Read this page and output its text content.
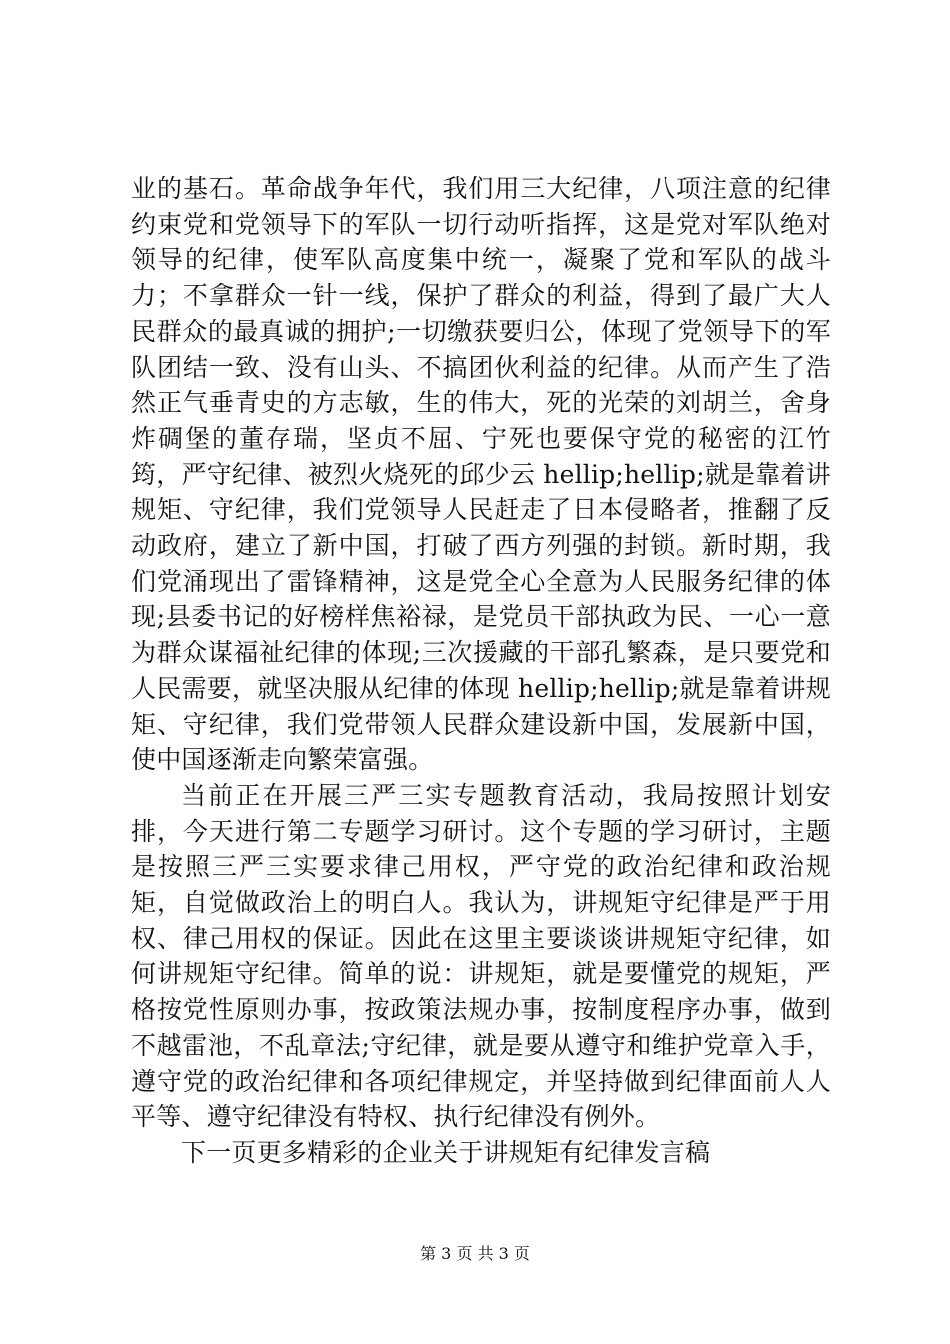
业的基石。革命战争年代，我们用三大纪律，八项注意的纪律约束党和党领导下的军队一切行动听指挥，这是党对军队绝对领导的纪律，使军队高度集中统一，凝聚了党和军队的战斗力；不拿群众一针一线，保护了群众的利益，得到了最广大人民群众的最真诚的拥护;一切缴获要归公，体现了党领导下的军队团结一致、没有山头、不搞团伙利益的纪律。从而产生了浩然正气垂青史的方志敏，生的伟大，死的光荣的刘胡兰，舍身炸碉堡的董存瑞，坚贞不屈、宁死也要保守党的秘密的江竹筠，严守纪律、被烈火烧死的邱少云 hellip;hellip;就是靠着讲规矩、守纪律，我们党领导人民赶走了日本侵略者，推翻了反动政府，建立了新中国，打破了西方列强的封锁。新时期，我们党涌现出了雷锋精神，这是党全心全意为人民服务纪律的体现;县委书记的好榜样焦裕禄，是党员干部执政为民、一心一意为群众谋福祉纪律的体现;三次援藏的干部孔繁森，是只要党和人民需要，就坚决服从纪律的体现 hellip;hellip;就是靠着讲规矩、守纪律，我们党带领人民群众建设新中国，发展新中国，使中国逐渐走向繁荣富强。

当前正在开展三严三实专题教育活动，我局按照计划安排，今天进行第二专题学习研讨。这个专题的学习研讨，主题是按照三严三实要求律己用权，严守党的政治纪律和政治规矩，自觉做政治上的明白人。我认为，讲规矩守纪律是严于用权、律己用权的保证。因此在这里主要谈谈讲规矩守纪律，如何讲规矩守纪律。简单的说：讲规矩，就是要懂党的规矩，严格按党性原则办事，按政策法规办事，按制度程序办事，做到不越雷池，不乱章法;守纪律，就是要从遵守和维护党章入手，遵守党的政治纪律和各项纪律规定，并坚持做到纪律面前人人平等、遵守纪律没有特权、执行纪律没有例外。

下一页更多精彩的企业关于讲规矩有纪律发言稿

第 3 页 共 3 页
